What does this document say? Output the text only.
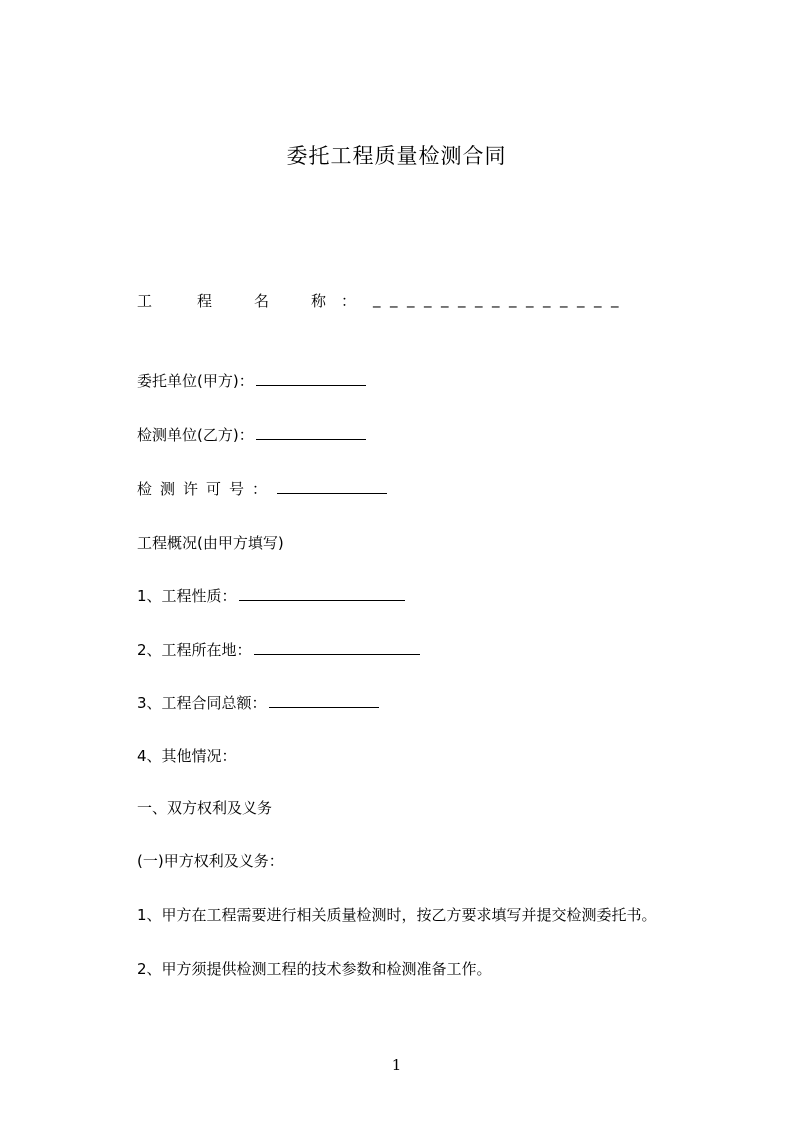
委托工程质量检测合同
工	程	名	称 ： _______________
委托单位(甲方)：
检测单位(乙方)：
检测许可号：
工程概况(由甲方填写)
1、工程性质：
2、工程所在地：
3、工程合同总额：
4、其他情况：
一、双方权利及义务
(一)甲方权利及义务：
1、甲方在工程需要进行相关质量检测时，按乙方要求填写并提交检测委托书。
2、甲方须提供检测工程的技术参数和检测准备工作。
1
